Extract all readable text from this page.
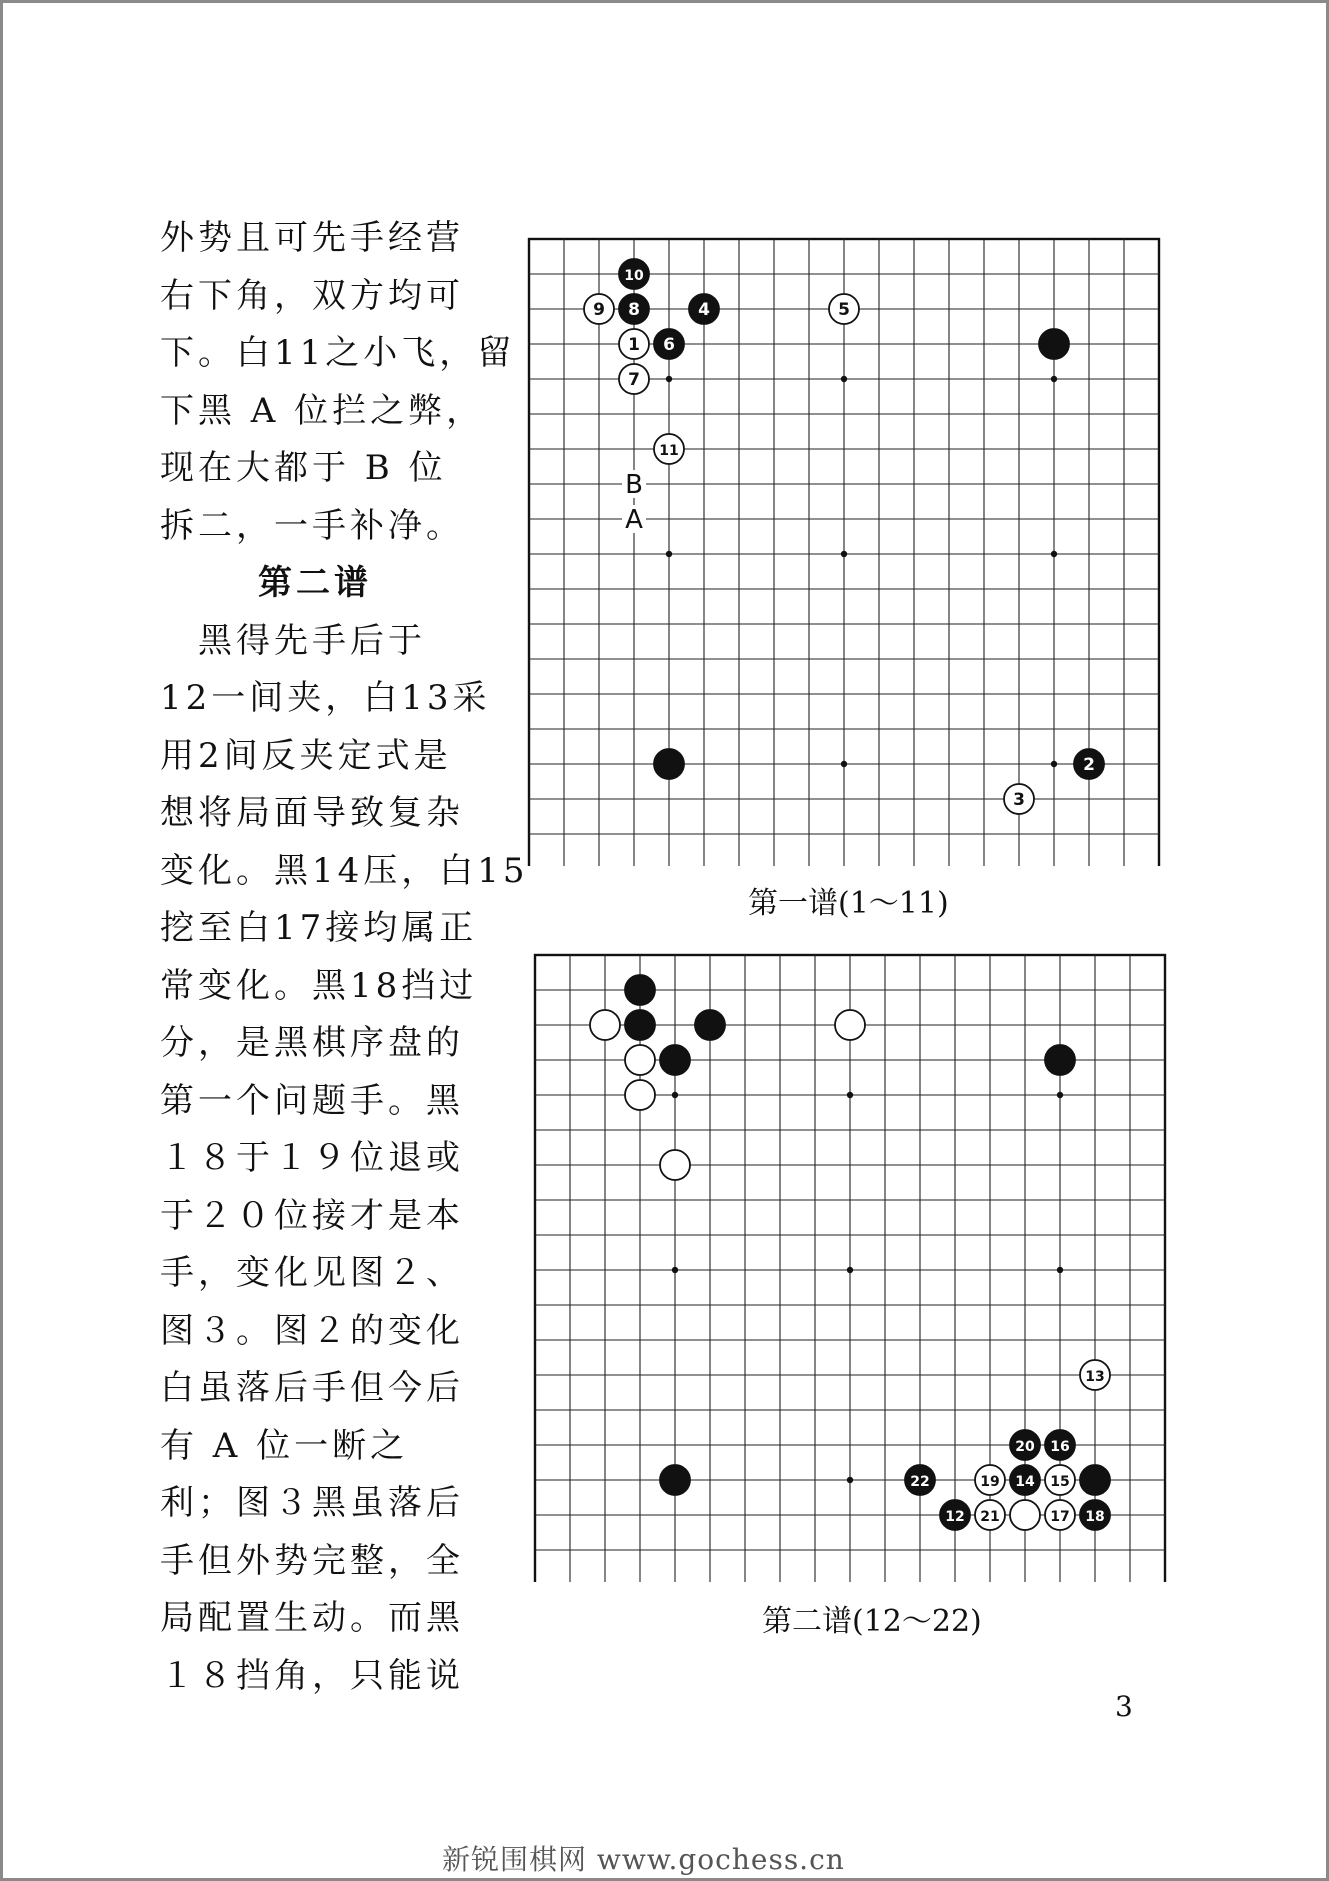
外势且可先手经营
右下角，双方均可
下。白11之小飞，留
下黑 A 位拦之弊，
现在大都于 B 位
拆二，一手补净。
第二谱
　黑得先手后于
12一间夹，白13采
用2间反夹定式是
想将局面导致复杂
变化。黑14压，白15
挖至白17接均属正
常变化。黑18挡过
分，是黑棋序盘的
第一个问题手。黑
１８于１９位退或
于２０位接才是本
手，变化见图２、
图３。图２的变化
白虽落后手但今后
有 A 位一断之
利；图３黑虽落后
手但外势完整，全
局配置生动。而黑
１８挡角，只能说
10
9 8	4	5
1 6
7
11
2
3
B
A
第一谱(1～11)
13
20 16
22	19 14 15
12 21	17 18
第二谱(12～22)
3
新锐围棋网 www.gochess.cn
